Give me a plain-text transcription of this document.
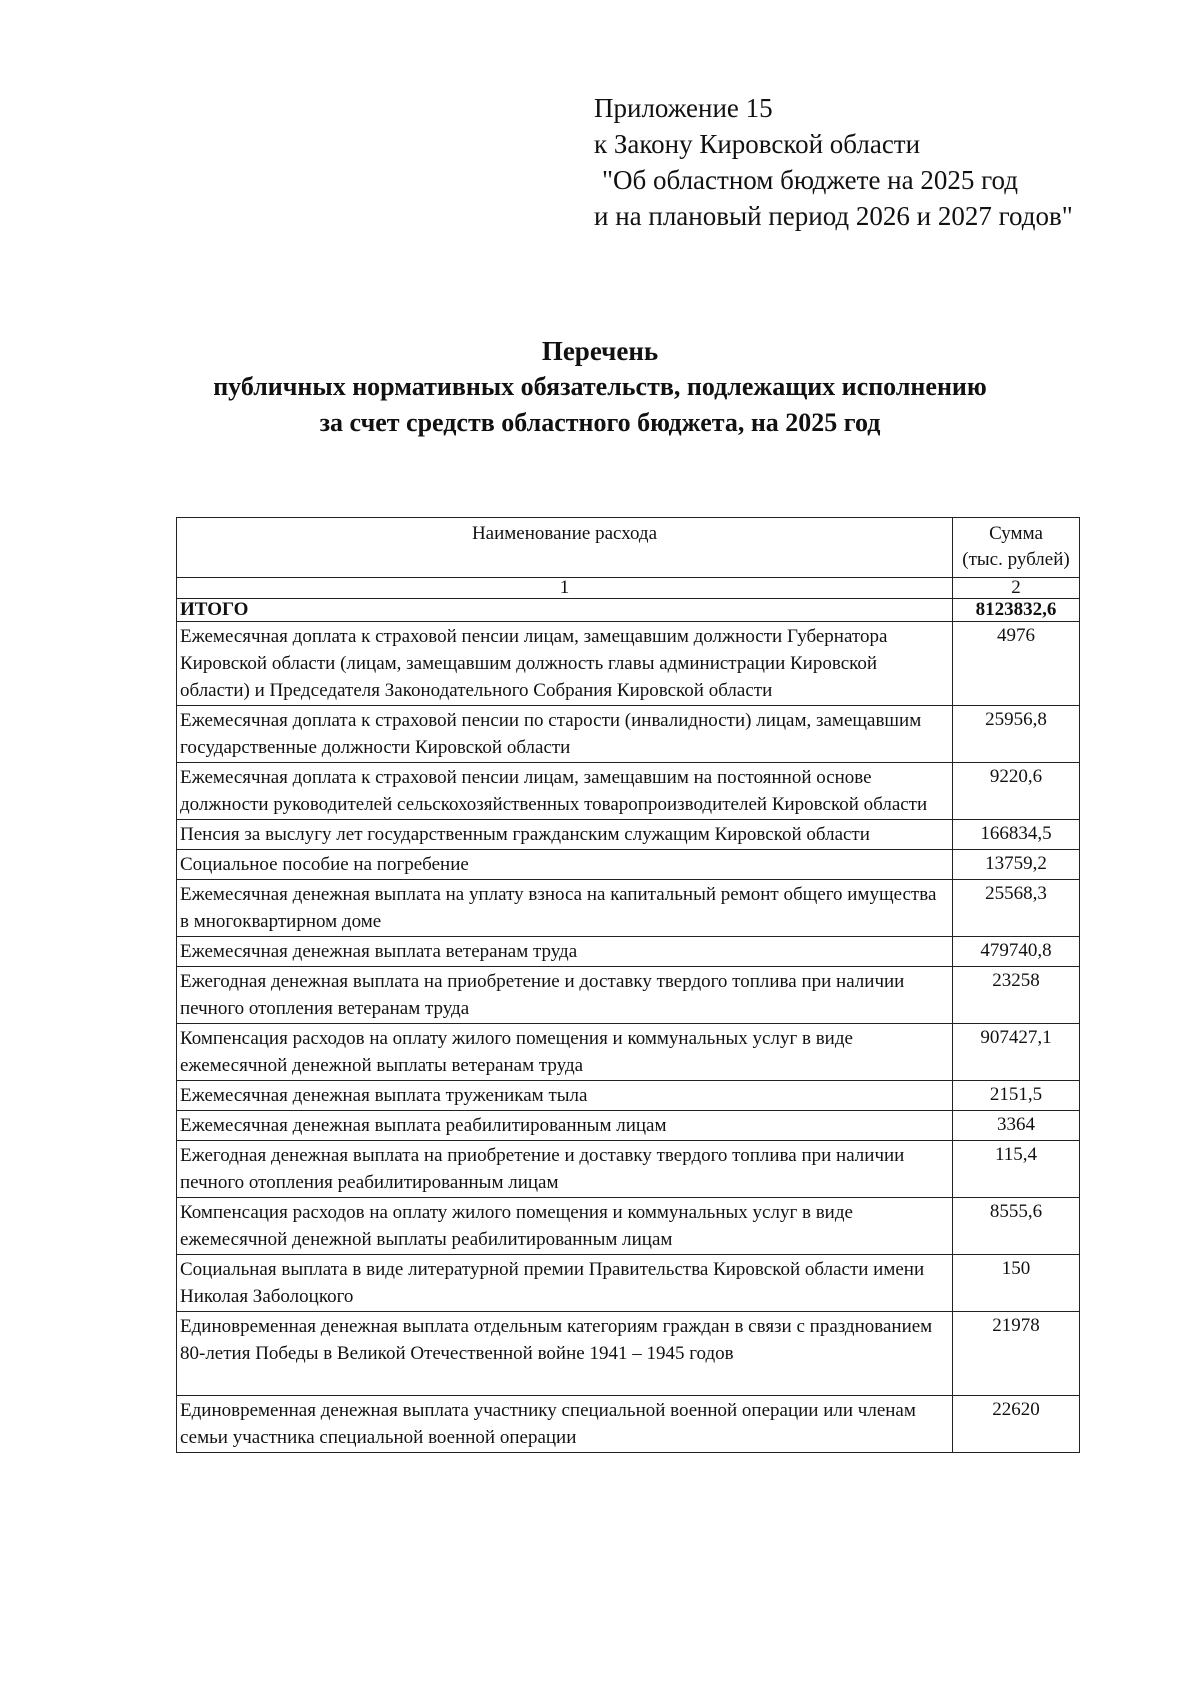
Приложение 15
к Закону Кировской области
"Об областном бюджете на 2025 год
и на плановый период 2026 и 2027 годов"
Перечень
публичных нормативных обязательств, подлежащих исполнению
за счет средств областного бюджета, на 2025 год
Наименование расхода	Сумма
(тыс. рублей)

1	2
ИТОГО	8123832,6
Ежемесячная доплата к страховой пенсии лицам, замещавшим должности Губернатора Кировской области (лицам, замещавшим должность главы администрации Кировской области) и Председателя Законодательного Собрания Кировской области	4976
Ежемесячная доплата к страховой пенсии по старости (инвалидности) лицам, замещавшим государственные должности Кировской области	25956,8
Ежемесячная доплата к страховой пенсии лицам, замещавшим на постоянной основе должности руководителей сельскохозяйственных товаропроизводителей Кировской области	9220,6
Пенсия за выслугу лет государственным гражданским служащим Кировской области	166834,5
Социальное пособие на погребение	13759,2
Ежемесячная денежная выплата на уплату взноса на капитальный ремонт общего имущества в многоквартирном доме	25568,3
Ежемесячная денежная выплата ветеранам труда	479740,8
Ежегодная денежная выплата на приобретение и доставку твердого топлива при наличии печного отопления ветеранам труда	23258
Компенсация расходов на оплату жилого помещения и коммунальных услуг в виде ежемесячной денежной выплаты ветеранам труда	907427,1
Ежемесячная денежная выплата труженикам тыла	2151,5
Ежемесячная денежная выплата реабилитированным лицам	3364
Ежегодная денежная выплата на приобретение и доставку твердого топлива при наличии печного отопления реабилитированным лицам	115,4
Компенсация расходов на оплату жилого помещения и коммунальных услуг в виде ежемесячной денежной выплаты реабилитированным лицам	8555,6
Социальная выплата в виде литературной премии Правительства Кировской области имени Николая Заболоцкого	150
Единовременная денежная выплата отдельным категориям граждан в связи с празднованием 80-летия Победы в Великой Отечественной войне 1941 – 1945 годов	21978
Единовременная денежная выплата участнику специальной военной операции или членам семьи участника специальной военной операции	22620
